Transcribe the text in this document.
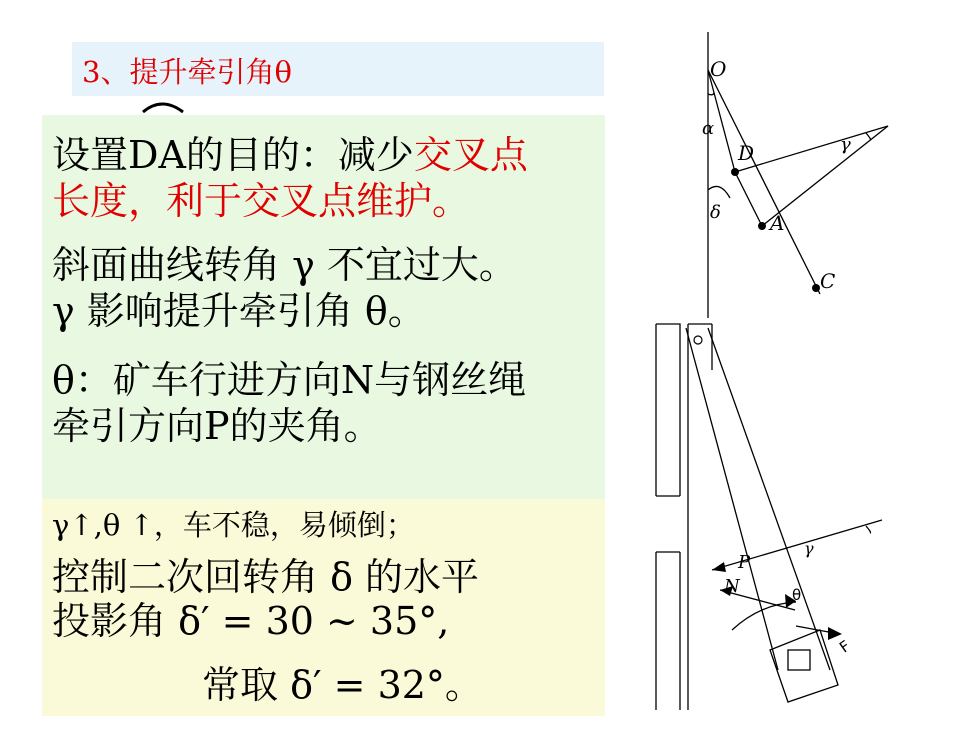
3、提升牵引角θ
设置DA的目的：减少交叉点
长度，利于交叉点维护。
斜面曲线转角 γ 不宜过大。
γ 影响提升牵引角 θ。
θ：矿车行进方向N与钢丝绳
牵引方向P的夹角。
γ↑,θ ↑，车不稳，易倾倒；
控制二次回转角 δ 的水平
投影角 δ′ = 30 ~ 35°,
常取 δ′ = 32°。
O
α
D	γ
δ A
C
P
γ
N	θ
F
